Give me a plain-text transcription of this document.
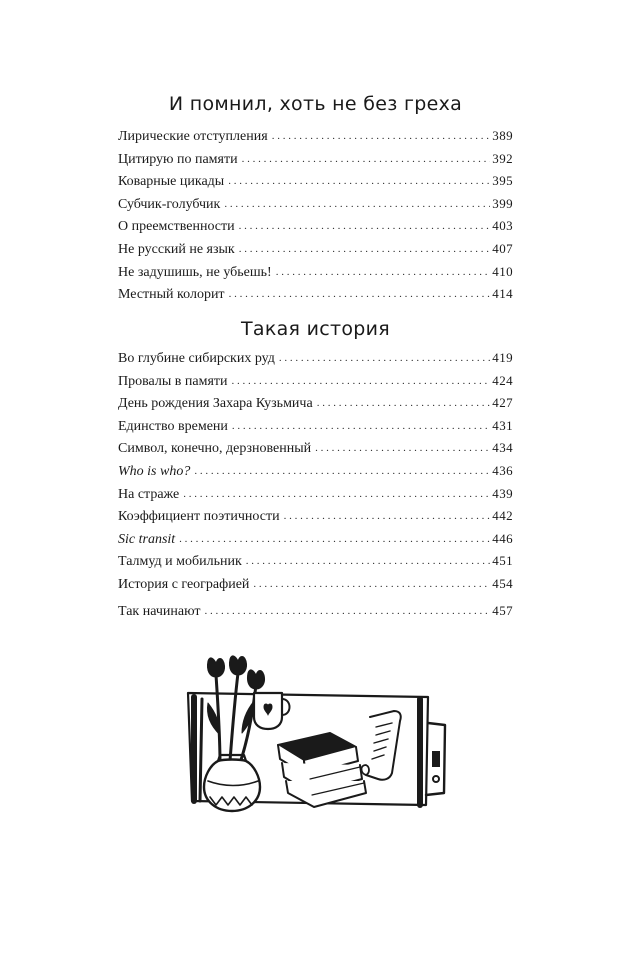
И помнил, хоть не без греха
Лирические отступления . . .	389
Цитирую по памяти . . .	392
Коварные цикады . . .	395
Субчик-голубчик . . .	399
О преемственности . . .	403
Не русский не язык . . .	407
Не задушишь, не убьешь! . . .	410
Местный колорит . . .	414
Такая история
Во глубине сибирских руд . . .	419
Провалы в памяти . . .	424
День рождения Захара Кузьмича . . .	427
Единство времени . . .	431
Символ, конечно, дерзновенный . . .	434
Who is who? . . .	436
На страже . . .	439
Коэффициент поэтичности . . .	442
Sic transit . . .	446
Талмуд и мобильник . . .	451
История с географией . . .	454
Так начинают . . .	457
